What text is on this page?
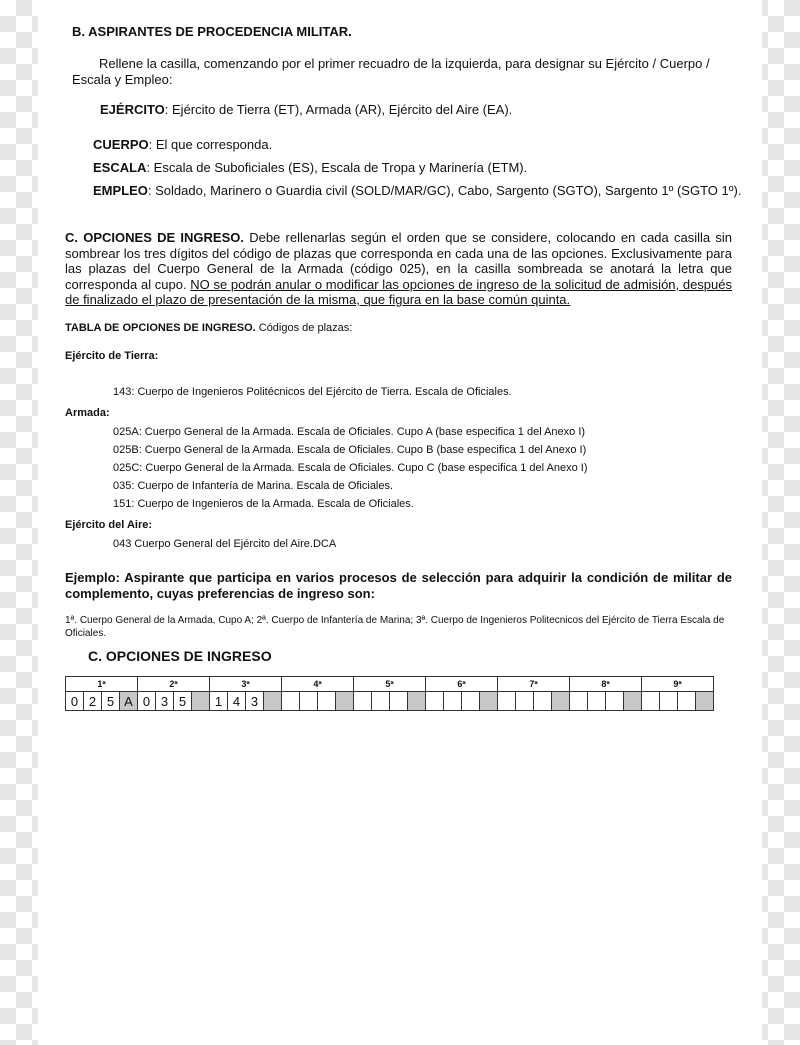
B. ASPIRANTES DE PROCEDENCIA MILITAR.
Rellene la casilla, comenzando por el primer recuadro de la izquierda, para designar su Ejército / Cuerpo / Escala y Empleo:
EJÉRCITO: Ejército de Tierra (ET), Armada (AR), Ejército del Aire (EA).
CUERPO: El que corresponda.
ESCALA: Escala de Suboficiales (ES), Escala de Tropa y Marinería (ETM).
EMPLEO: Soldado, Marinero o Guardia civil (SOLD/MAR/GC), Cabo, Sargento (SGTO), Sargento 1º (SGTO 1º).
C. OPCIONES DE INGRESO. Debe rellenarlas según el orden que se considere, colocando en cada casilla sin sombrear los tres dígitos del código de plazas que corresponda en cada una de las opciones. Exclusivamente para las plazas del Cuerpo General de la Armada (código 025), en la casilla sombreada se anotará la letra que corresponda al cupo. NO se podrán anular o modificar las opciones de ingreso de la solicitud de admisión, después de finalizado el plazo de presentación de la misma, que figura en la base común quinta.
TABLA DE OPCIONES DE INGRESO. Códigos de plazas:
Ejército de Tierra:
143: Cuerpo de Ingenieros Politécnicos del Ejército de Tierra. Escala de Oficiales.
Armada:
025A: Cuerpo General de la Armada. Escala de Oficiales. Cupo A (base especifica 1 del Anexo I)
025B: Cuerpo General de la Armada. Escala de Oficiales. Cupo B (base especifica 1 del Anexo I)
025C: Cuerpo General de la Armada. Escala de Oficiales. Cupo C (base especifica 1 del Anexo I)
035: Cuerpo de Infantería de Marina. Escala de Oficiales.
151: Cuerpo de Ingenieros de la Armada. Escala de Oficiales.
Ejército del Aire:
043 Cuerpo General del Ejército del Aire.DCA
Ejemplo: Aspirante que participa en varios procesos de selección para adquirir la condición de militar de complemento, cuyas preferencias de ingreso son:
1ª. Cuerpo General de la Armada, Cupo A; 2ª. Cuerpo de Infantería de Marina; 3ª. Cuerpo de Ingenieros Politecnicos del Ejército de Tierra Escala de Oficiales.
C. OPCIONES DE INGRESO
1ª				2ª				3ª				4ª				5ª				6ª				7ª				8ª				9ª			
0	2	5	A	0	3	5		1	4	3																									
